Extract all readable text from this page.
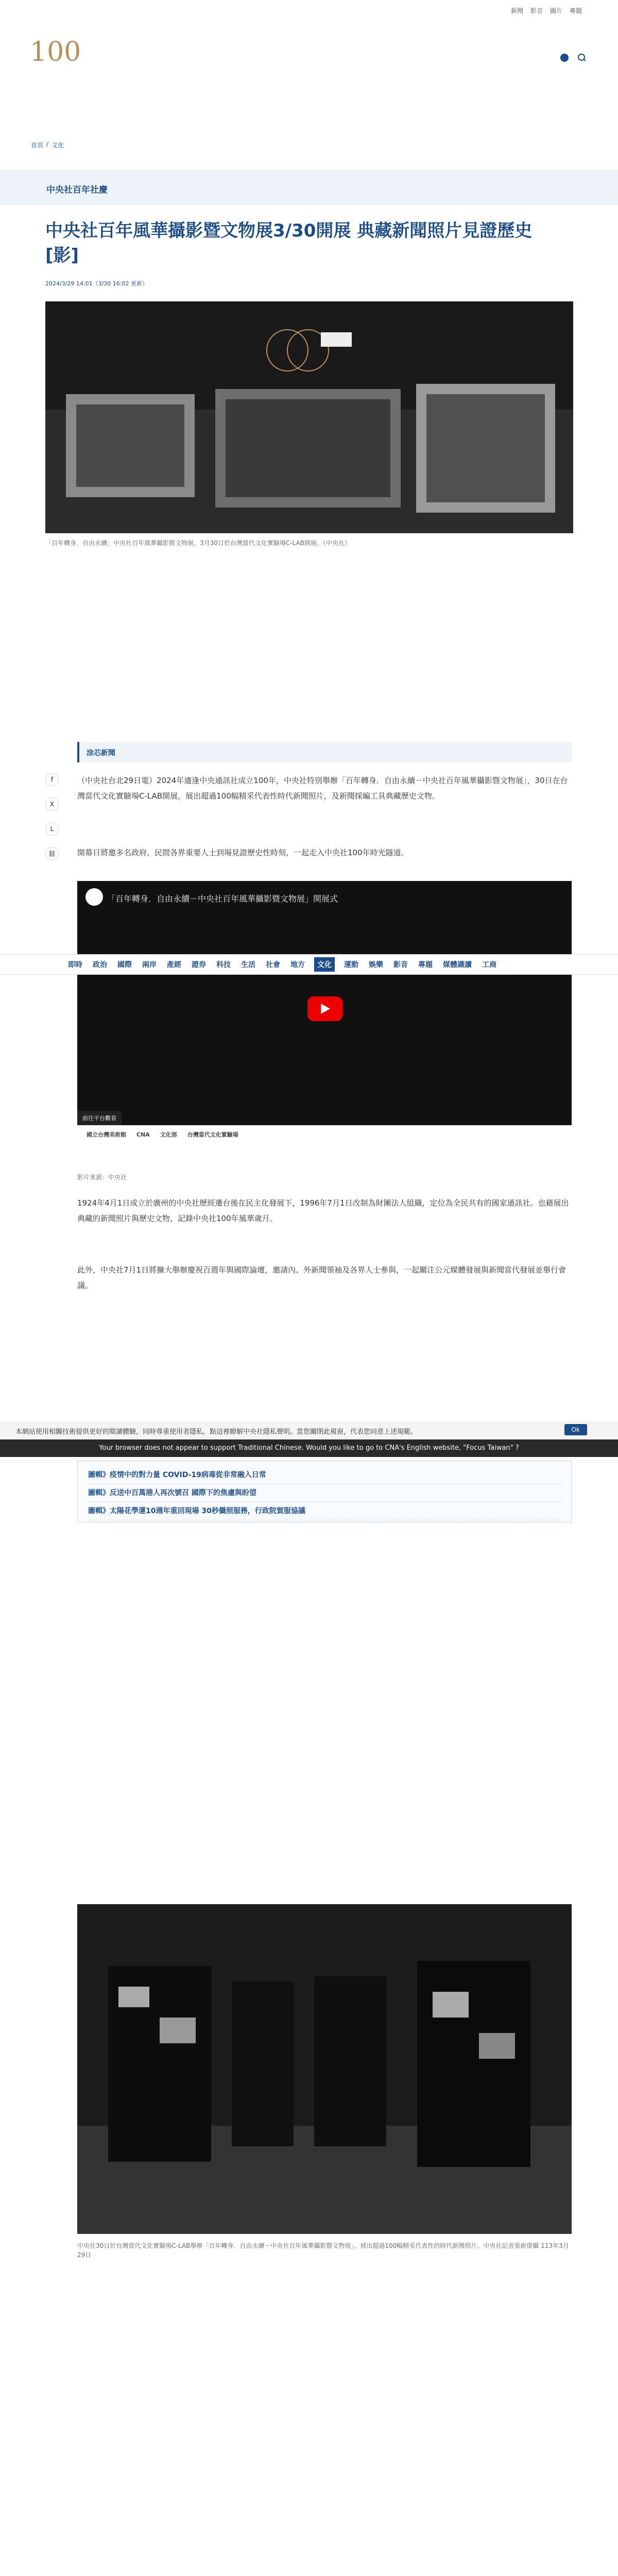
新聞 影音 圖片 專題
100
首頁 / 文化
中央社百年社慶
中央社百年風華攝影暨文物展3/30開展 典藏新聞照片見證歷史[影]
2024/3/29 14:01（3/30 16:02 更新）

「百年轉身．自由永續」中央社百年風華攝影暨文物展，3月30日於台灣當代文化實驗場C-LAB開展。（中央社）

f
X
L
⛓
涂芯新聞

（中央社台北29日電）2024年適逢中央通訊社成立100年，中央社特別舉辦「百年轉身．自由永續－中央社百年風華攝影暨文物展」，30日在台灣當代文化實驗場C-LAB開展，展出超過100幅精采代表性時代新聞照片，及新聞採編工具典藏歷史文物。

開幕日將邀多名政府、民間各界重要人士到場見證歷史性時刻，一起走入中央社100年時光隧道。

「百年轉身．自由永續－中央社百年風華攝影暨文物展」開展式
前往平台觀看
國立台灣美術館 CNA 文化部 台灣當代文化實驗場
即時 政治 國際 兩岸 產經 證券 科技 生活 社會 地方	文化	運動 娛樂 影音 專題 媒體識讀 工商

影片來源：中央社

1924年4月1日成立於廣州的中央社歷經遷台後在民主化發展下，1996年7月1日改制為財團法人組織，定位為全民共有的國家通訊社。也藉展出典藏的新聞照片與歷史文物，記錄中央社100年風華歲月。

此外，中央社7月1日將擴大舉辦慶祝百週年與國際論壇，邀請內、外新聞領袖及各界人士參與，一起關注公元媒體發展與新聞當代發展並舉行會議。

本網站使用相關技術提供更好的閱讀體驗，同時尊重使用者隱私，點這裡瞭解中央社隱私聲明。當您關閉此視窗，代表您同意上述規範。	Ok
Your browser does not appear to support Traditional Chinese. Would you like to go to CNA's English website, "Focus Taiwan" ?
圖輯》疫情中的對力量 COVID-19病毒從非常融入日常
圖輯》反送中百萬港人再次號召 國際下的焦慮與盼望
圖輯》太陽花學運10週年重回現場 30秒攝照服務，行政院貿服協議

中央社30日於台灣當代文化實驗場C-LAB舉辦「百年轉身．自由永續－中央社百年風華攝影暨文物展」，展出超過100幅精采代表性的時代新聞照片。中央社記者張新偉攝 113年3月29日
